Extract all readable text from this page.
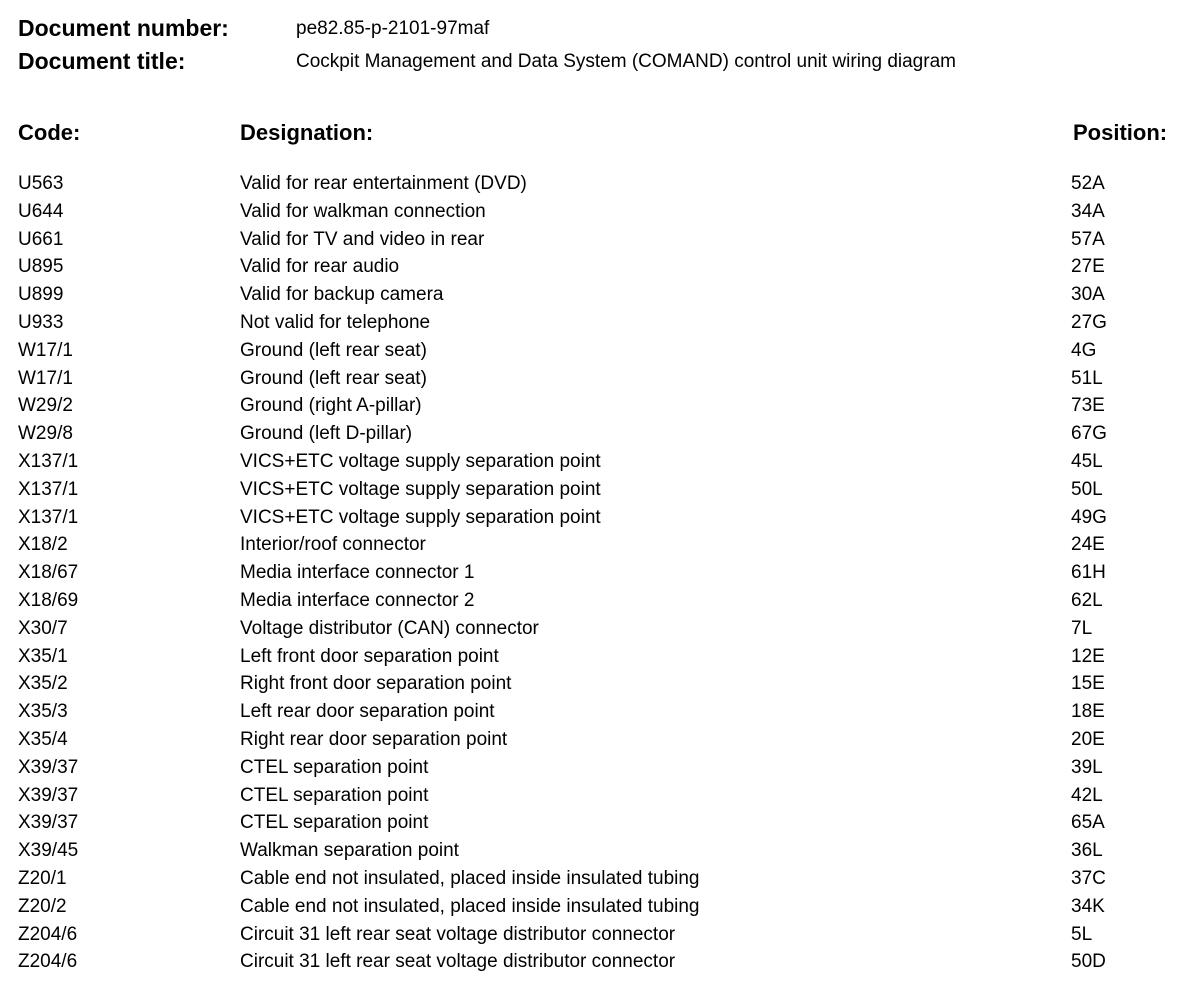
Document number:	pe82.85-p-2101-97maf
Document title:	Cockpit Management and Data System (COMAND) control unit wiring diagram
Code:	Designation:	Position:
U563	Valid for rear entertainment (DVD)	52A
U644	Valid for walkman connection	34A
U661	Valid for TV and video in rear	57A
U895	Valid for rear audio	27E
U899	Valid for backup camera	30A
U933	Not valid for telephone	27G
W17/1	Ground (left rear seat)	4G
W17/1	Ground (left rear seat)	51L
W29/2	Ground (right A-pillar)	73E
W29/8	Ground (left D-pillar)	67G
X137/1	VICS+ETC voltage supply separation point	45L
X137/1	VICS+ETC voltage supply separation point	50L
X137/1	VICS+ETC voltage supply separation point	49G
X18/2	Interior/roof connector	24E
X18/67	Media interface connector 1	61H
X18/69	Media interface connector 2	62L
X30/7	Voltage distributor (CAN) connector	7L
X35/1	Left front door separation point	12E
X35/2	Right front door separation point	15E
X35/3	Left rear door separation point	18E
X35/4	Right rear door separation point	20E
X39/37	CTEL separation point	39L
X39/37	CTEL separation point	42L
X39/37	CTEL separation point	65A
X39/45	Walkman separation point	36L
Z20/1	Cable end not insulated, placed inside insulated tubing	37C
Z20/2	Cable end not insulated, placed inside insulated tubing	34K
Z204/6	Circuit 31 left rear seat voltage distributor connector	5L
Z204/6	Circuit 31 left rear seat voltage distributor connector	50D
